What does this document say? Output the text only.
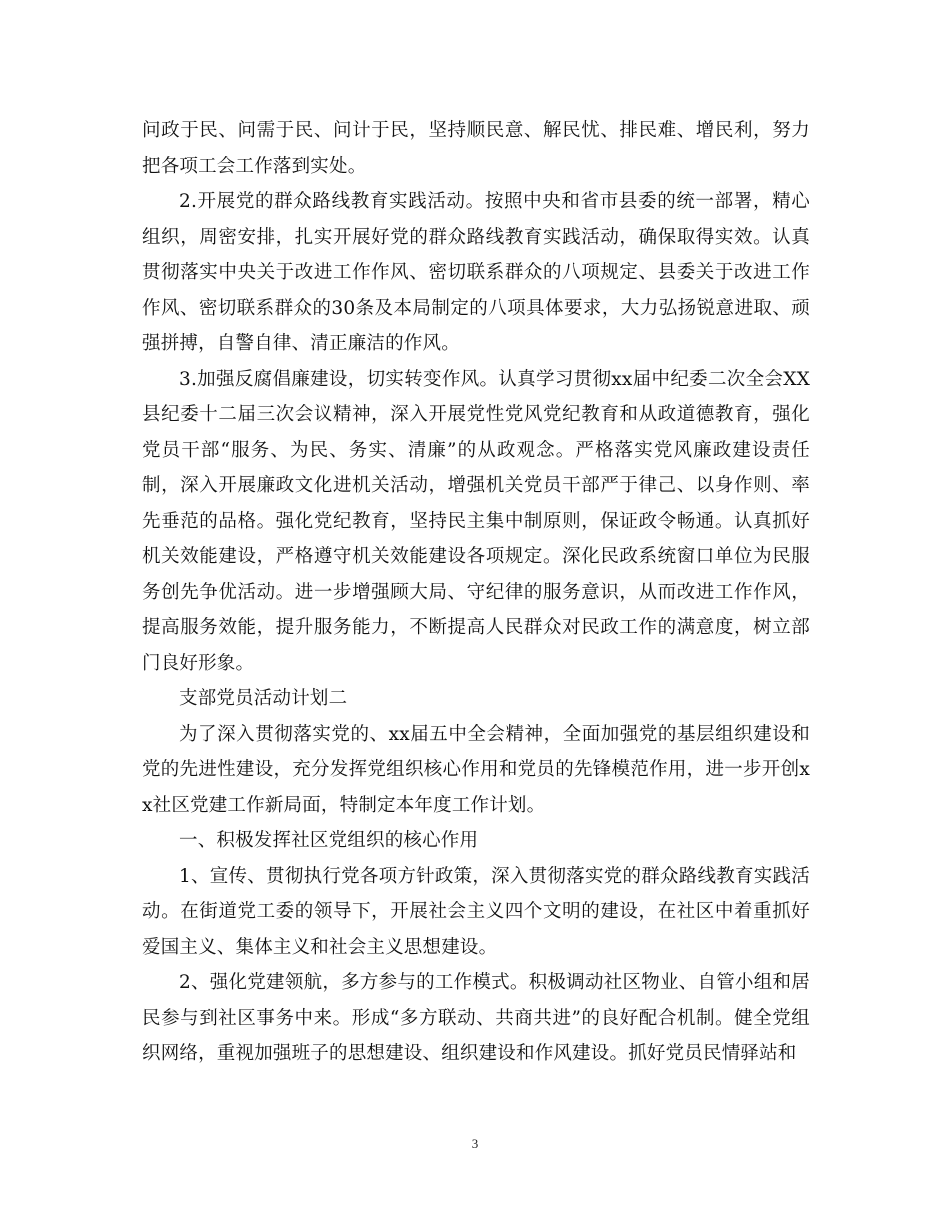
问政于民、问需于民、问计于民，坚持顺民意、解民忧、排民难、增民利，努力把各项工会工作落到实处。

2.开展党的群众路线教育实践活动。按照中央和省市县委的统一部署，精心组织，周密安排，扎实开展好党的群众路线教育实践活动，确保取得实效。认真贯彻落实中央关于改进工作作风、密切联系群众的八项规定、县委关于改进工作作风、密切联系群众的30条及本局制定的八项具体要求，大力弘扬锐意进取、顽强拼搏，自警自律、清正廉洁的作风。

3.加强反腐倡廉建设，切实转变作风。认真学习贯彻xx届中纪委二次全会XX县纪委十二届三次会议精神，深入开展党性党风党纪教育和从政道德教育，强化党员干部“服务、为民、务实、清廉”的从政观念。严格落实党风廉政建设责任制，深入开展廉政文化进机关活动，增强机关党员干部严于律己、以身作则、率先垂范的品格。强化党纪教育，坚持民主集中制原则，保证政令畅通。认真抓好机关效能建设，严格遵守机关效能建设各项规定。深化民政系统窗口单位为民服务创先争优活动。进一步增强顾大局、守纪律的服务意识，从而改进工作作风，提高服务效能，提升服务能力，不断提高人民群众对民政工作的满意度，树立部门良好形象。

支部党员活动计划二

为了深入贯彻落实党的、xx届五中全会精神，全面加强党的基层组织建设和党的先进性建设，充分发挥党组织核心作用和党员的先锋模范作用，进一步开创xx社区党建工作新局面，特制定本年度工作计划。

一、积极发挥社区党组织的核心作用

1、宣传、贯彻执行党各项方针政策，深入贯彻落实党的群众路线教育实践活动。在街道党工委的领导下，开展社会主义四个文明的建设，在社区中着重抓好爱国主义、集体主义和社会主义思想建设。

2、强化党建领航，多方参与的工作模式。积极调动社区物业、自管小组和居民参与到社区事务中来。形成“多方联动、共商共进”的良好配合机制。健全党组织网络，重视加强班子的思想建设、组织建设和作风建设。抓好党员民情驿站和

3
